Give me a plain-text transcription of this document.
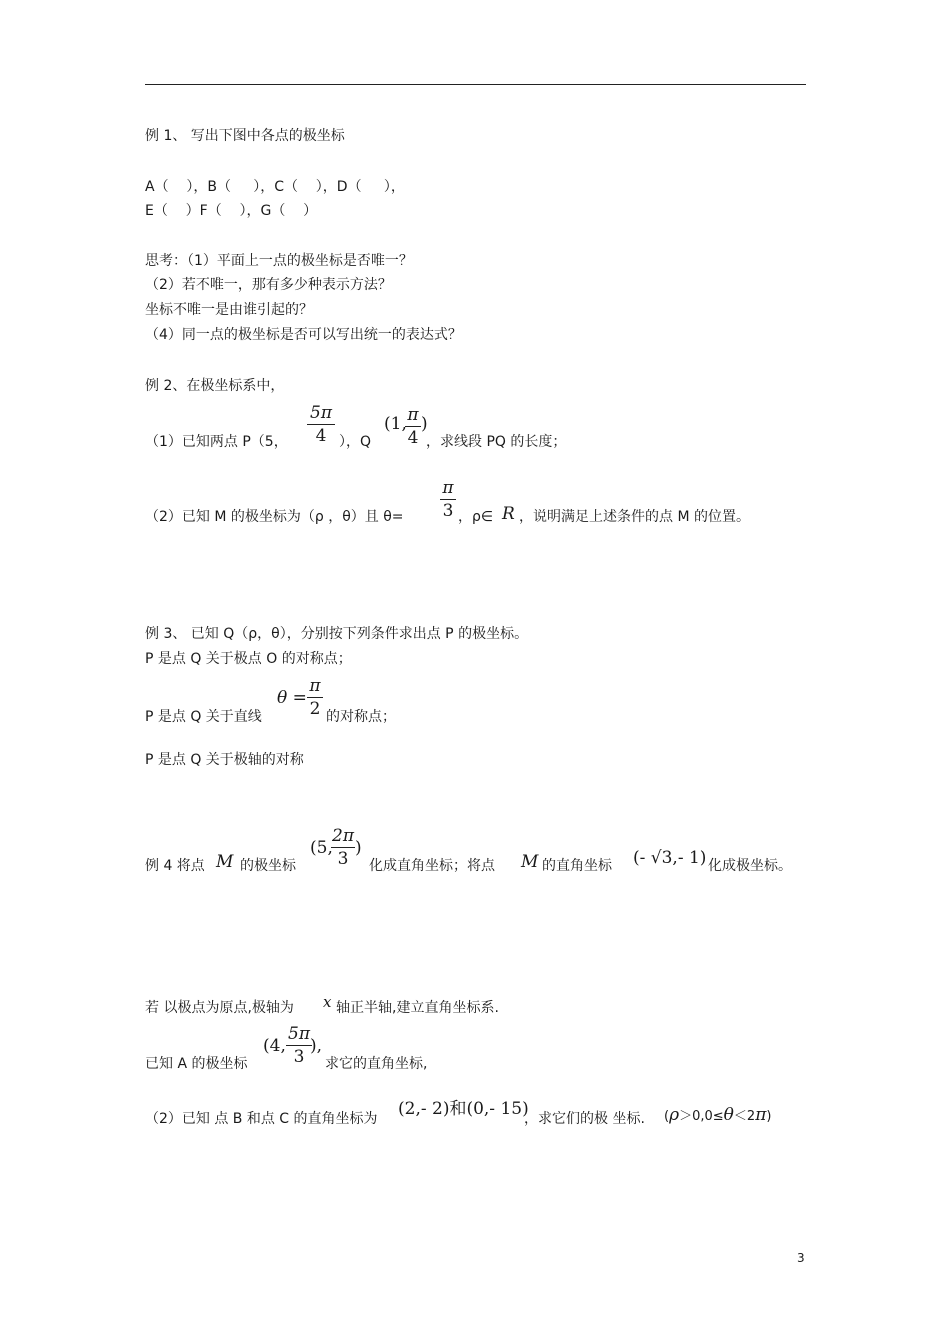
例 1、 写出下图中各点的极坐标
A（    ），B（     ），C（    ），D（     ），
E（    ）F（    ），G（    ）
思考：（1）平面上一点的极坐标是否唯一？
（2）若不唯一，那有多少种表示方法？
坐标不唯一是由谁引起的？
（4）同一点的极坐标是否可以写出统一的表达式？
例 2、在极坐标系中，
（1）已知两点 P（5，
5π
4 ），Q
(1, π
4
)
，求线段 PQ 的长度；
（2）已知 M 的极坐标为（ρ ，θ）且 θ=
π
3 ，ρ∈ R ，说明满足上述条件的点 M 的位置。
例 3、 已知 Q（ρ，θ），分别按下列条件求出点 P 的极坐标。
P 是点 Q 关于极点 O 的对称点；
P 是点 Q 关于直线
θ =
π
2 的对称点；
P 是点 Q 关于极轴的对称
例 4 将点 M 的极坐标
(5,
2π
3
)
化成直角坐标；将点 M 的直角坐标 (- √3,- 1) 化成极坐标。
若 以极点为原点,极轴为 x 轴正半轴,建立直角坐标系.
已知 A 的极坐标
(4,
5π
3
),
求它的直角坐标,
（2）已知 点 B 和点 C 的直角坐标为 (2,- 2)和(0,- 15)
，求它们的极 坐标. (ρ＞0,0≤θ＜2π)
3
